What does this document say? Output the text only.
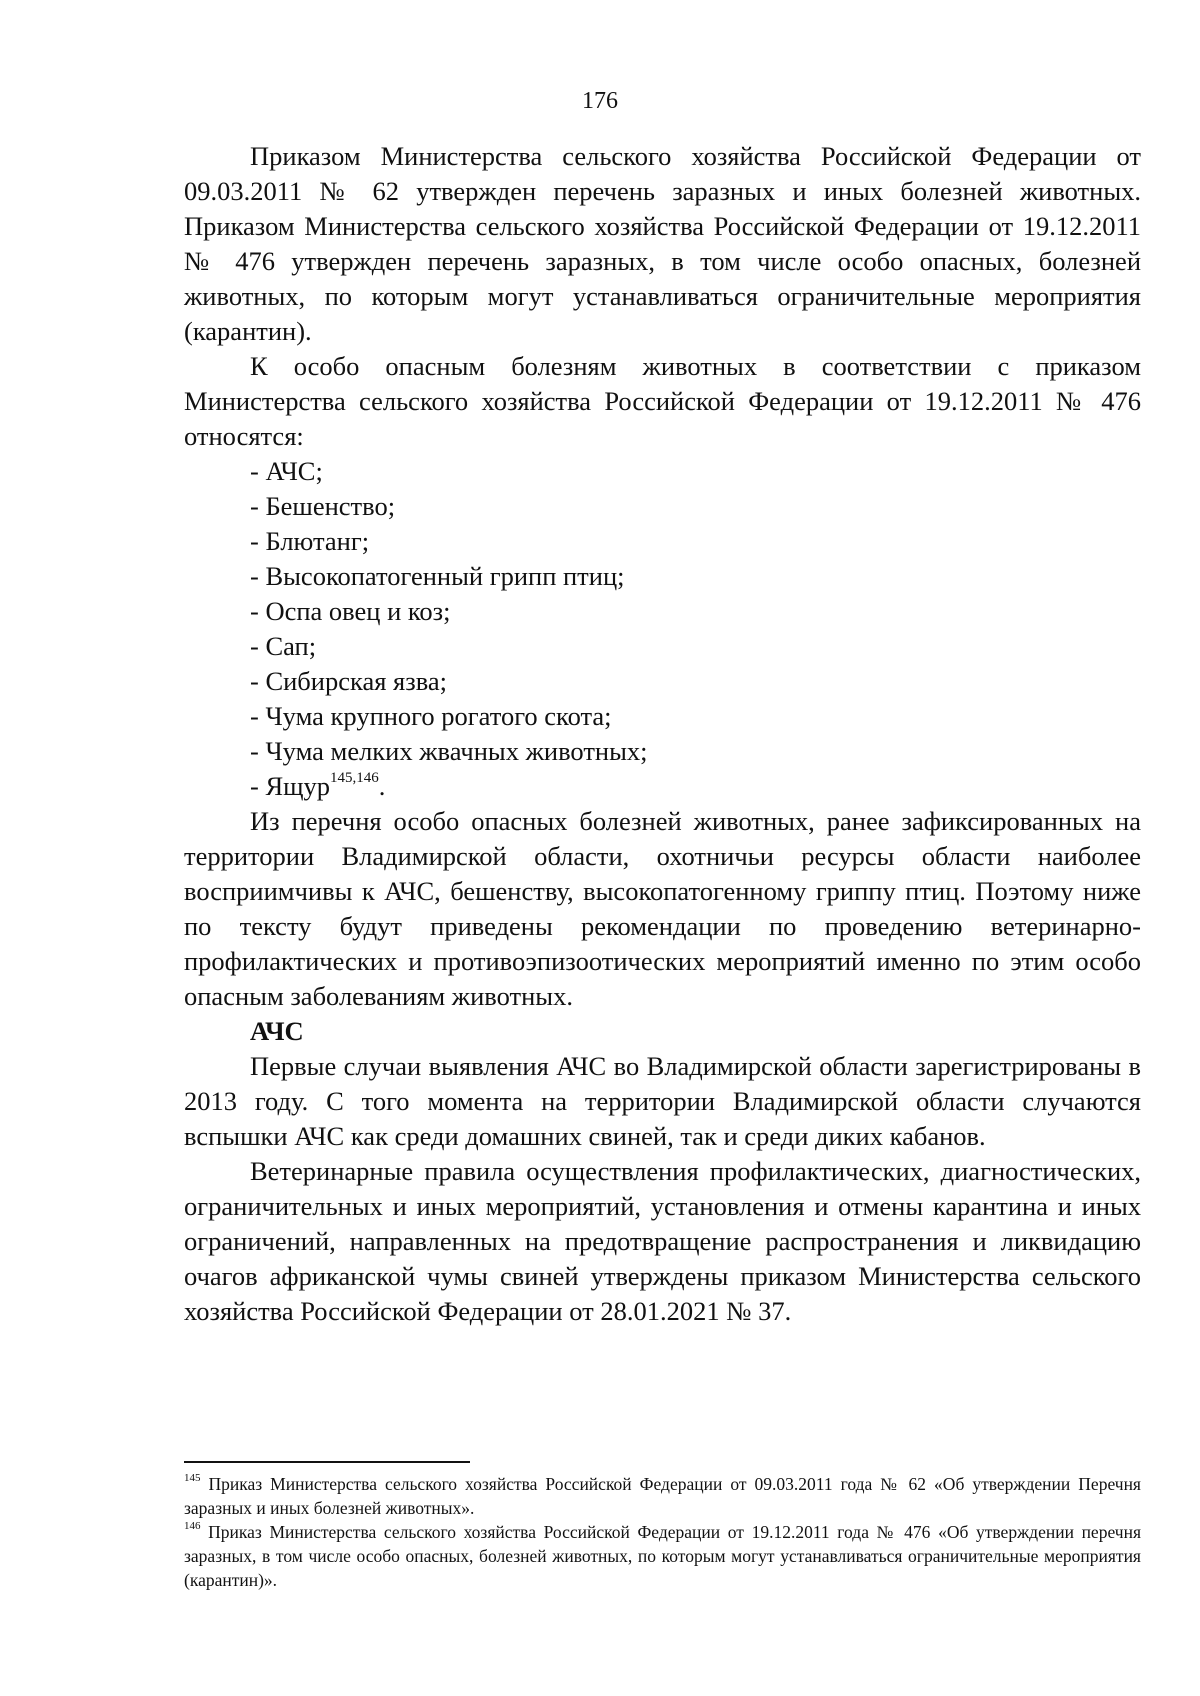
176

Приказом Министерства сельского хозяйства Российской Федерации от 09.03.2011 № 62 утвержден перечень заразных и иных болезней животных. Приказом Министерства сельского хозяйства Российской Федерации от 19.12.2011 № 476 утвержден перечень заразных, в том числе особо опасных, болезней животных, по которым могут устанавливаться ограничительные мероприятия (карантин).

К особо опасным болезням животных в соответствии с приказом Министерства сельского хозяйства Российской Федерации от 19.12.2011 № 476 относятся:

- АЧС;
- Бешенство;
- Блютанг;
- Высокопатогенный грипп птиц;
- Оспа овец и коз;
- Сап;
- Сибирская язва;
- Чума крупного рогатого скота;
- Чума мелких жвачных животных;
- Ящур$^{145,146}$.

Из перечня особо опасных болезней животных, ранее зафиксированных на территории Владимирской области, охотничьи ресурсы области наиболее восприимчивы к АЧС, бешенству, высокопатогенному гриппу птиц. Поэтому ниже по тексту будут приведены рекомендации по проведению ветеринарно-профилактических и противоэпизоотических мероприятий именно по этим особо опасным заболеваниям животных.

АЧС

Первые случаи выявления АЧС во Владимирской области зарегистрированы в 2013 году. С того момента на территории Владимирской области случаются вспышки АЧС как среди домашних свиней, так и среди диких кабанов.

Ветеринарные правила осуществления профилактических, диагностических, ограничительных и иных мероприятий, установления и отмены карантина и иных ограничений, направленных на предотвращение распространения и ликвидацию очагов африканской чумы свиней утверждены приказом Министерства сельского хозяйства Российской Федерации от 28.01.2021 № 37.

$^{145}$ Приказ Министерства сельского хозяйства Российской Федерации от 09.03.2011 года № 62 «Об утверждении Перечня заразных и иных болезней животных».

$^{146}$ Приказ Министерства сельского хозяйства Российской Федерации от 19.12.2011 года № 476 «Об утверждении перечня заразных, в том числе особо опасных, болезней животных, по которым могут устанавливаться ограничительные мероприятия (карантин)».
